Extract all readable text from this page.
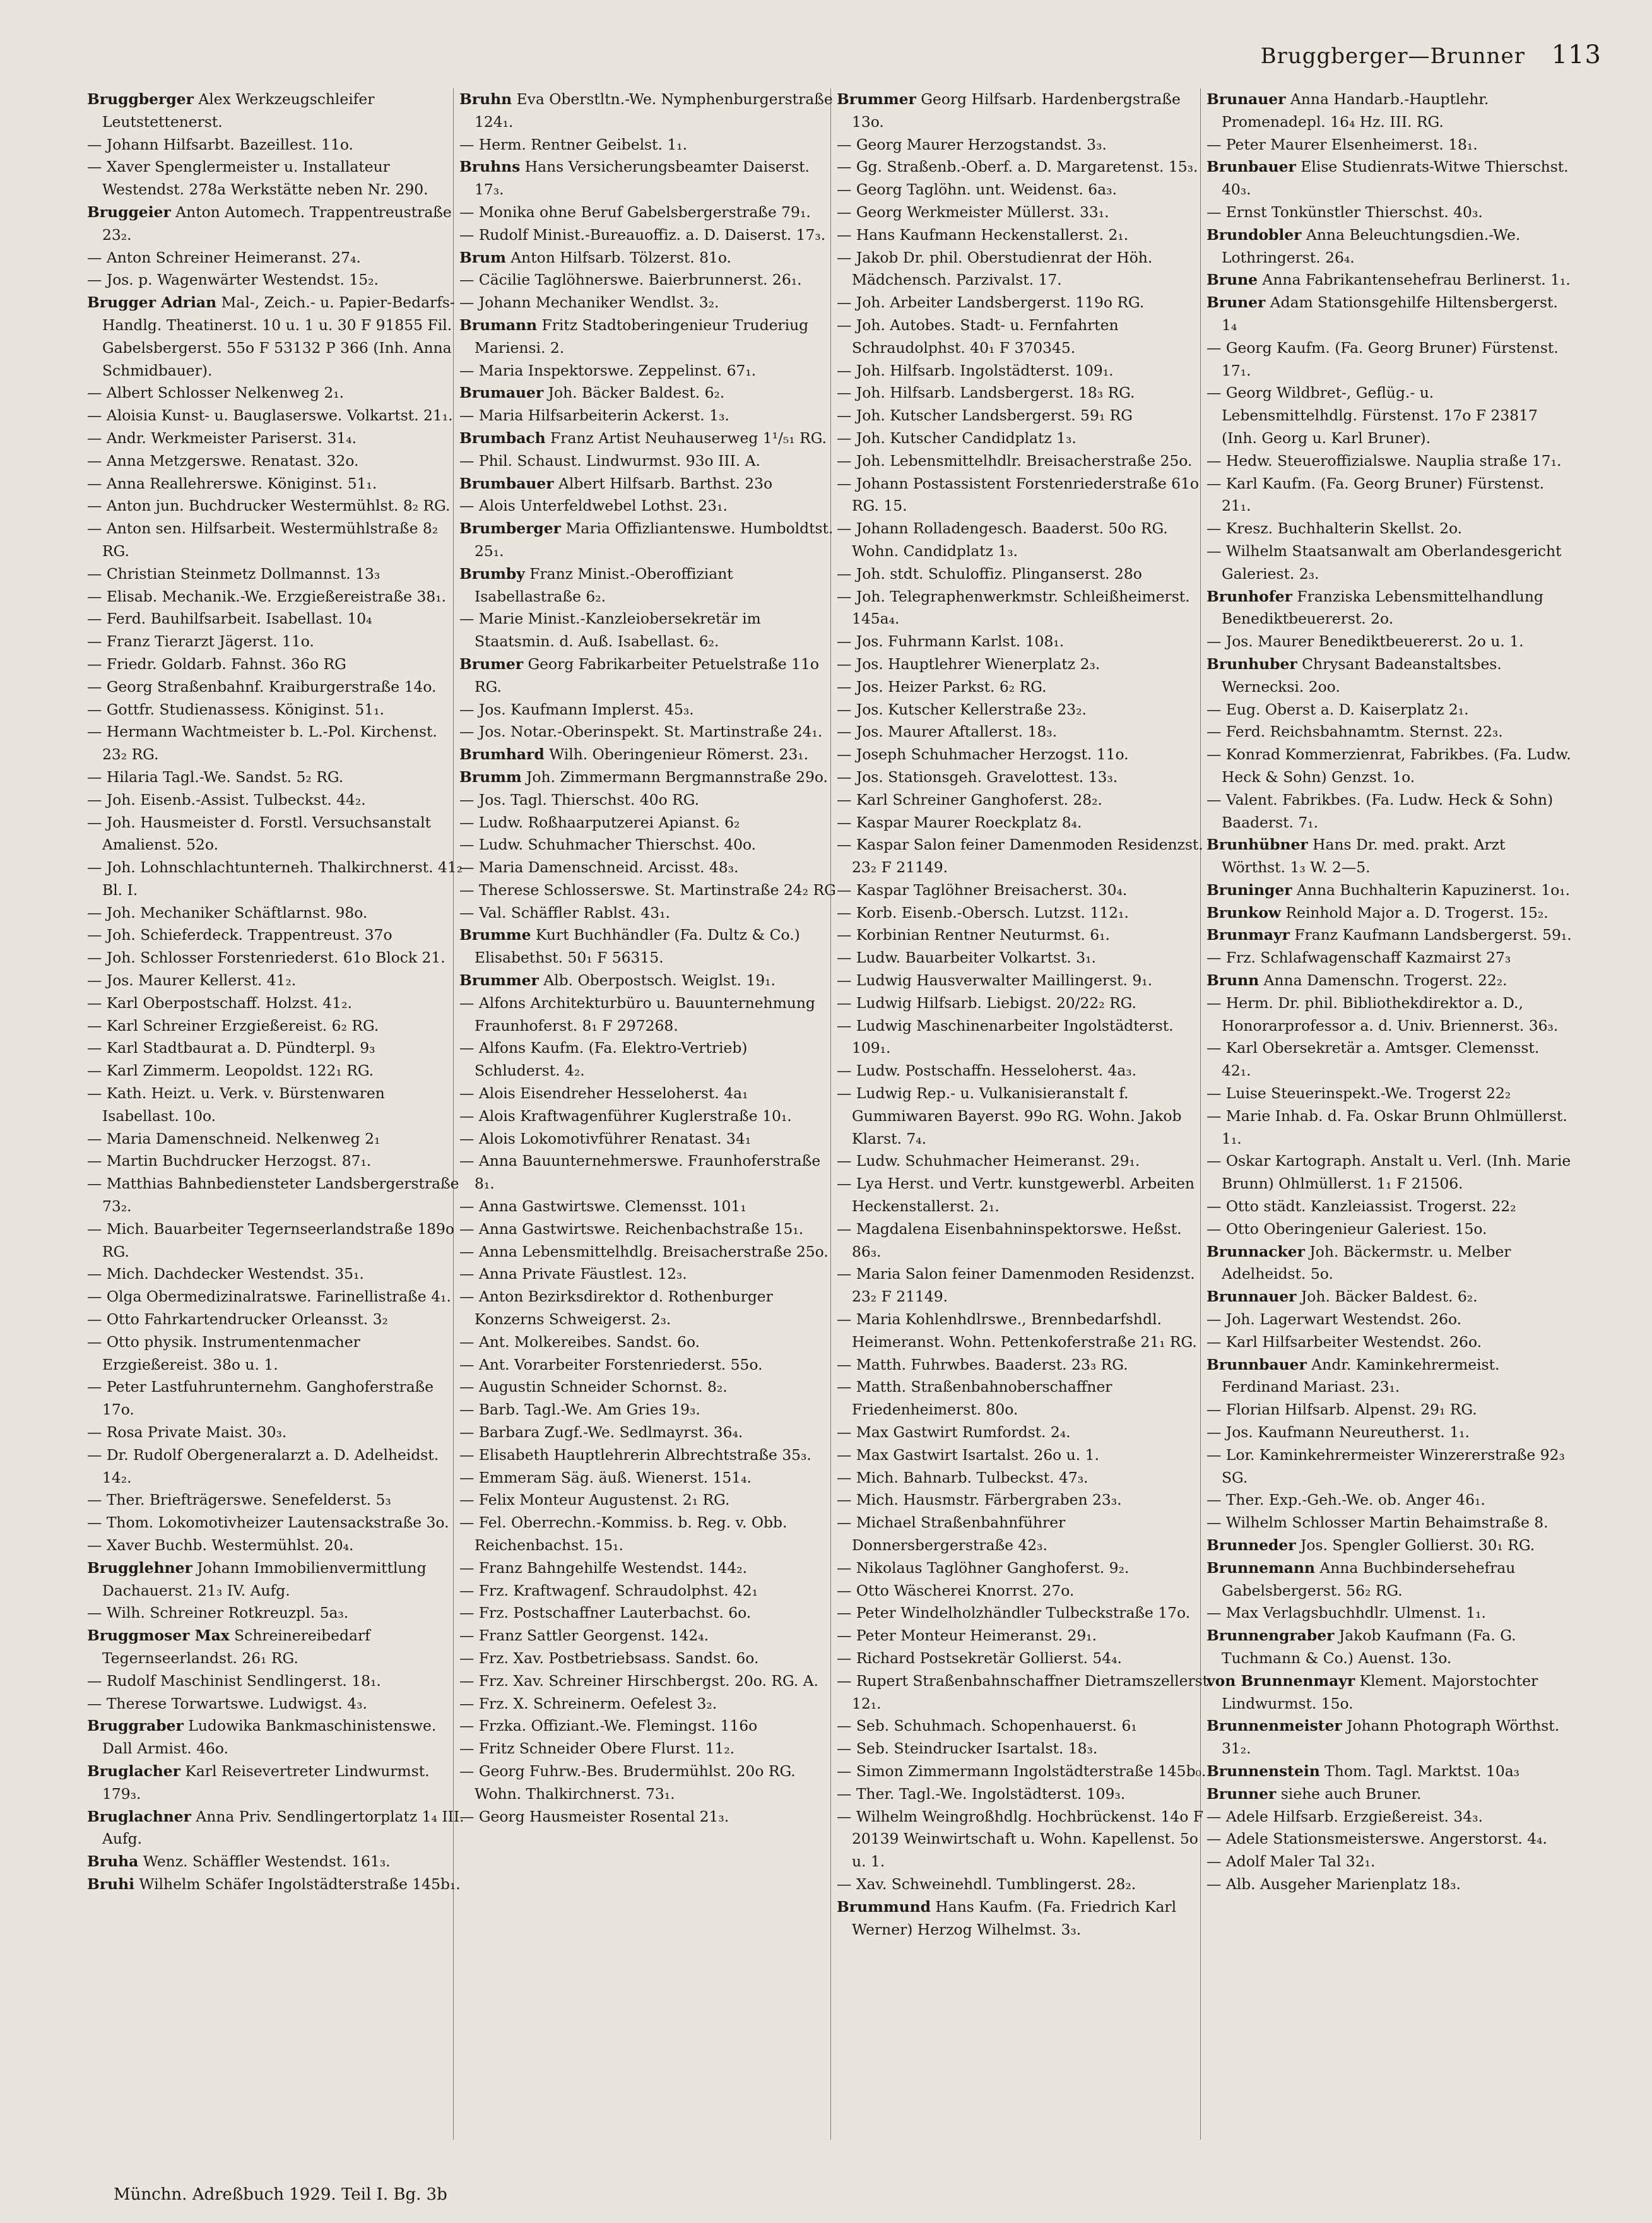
Bruggberger—Brunner 113

Bruggberger Alex Werkzeugschleifer Leutstettenerst.

— Johann Hilfsarbt. Bazeillest. 11o.

— Xaver Spenglermeister u. Installateur Westendst. 278a Werkstätte neben Nr. 290.

Bruggeier Anton Automech. Trappentreustraße 23₂.

— Anton Schreiner Heimeranst. 27₄.

— Jos. p. Wagenwärter Westendst. 15₂.

Brugger Adrian Mal-, Zeich.- u. Papier-Bedarfs-Handlg. Theatinerst. 10 u. 1 u. 30 F 91855 Fil. Gabelsbergerst. 55o F 53132 P 366 (Inh. Anna Schmidbauer).

— Albert Schlosser Nelkenweg 2₁.

— Aloisia Kunst- u. Bauglaserswe. Volkartst. 21₁.

— Andr. Werkmeister Pariserst. 31₄.

— Anna Metzgerswe. Renatast. 32o.

— Anna Reallehrerswe. Königinst. 51₁.

— Anton jun. Buchdrucker Westermühlst. 8₂ RG.

— Anton sen. Hilfsarbeit. Westermühlstraße 8₂ RG.

— Christian Steinmetz Dollmannst. 13₃

— Elisab. Mechanik.-We. Erzgießereistraße 38₁.

— Ferd. Bauhilfsarbeit. Isabellast. 10₄

— Franz Tierarzt Jägerst. 11o.

— Friedr. Goldarb. Fahnst. 36o RG

— Georg Straßenbahnf. Kraiburgerstraße 14o.

— Gottfr. Studienassess. Königinst. 51₁.

— Hermann Wachtmeister b. L.-Pol. Kirchenst. 23₂ RG.

— Hilaria Tagl.-We. Sandst. 5₂ RG.

— Joh. Eisenb.-Assist. Tulbeckst. 44₂.

— Joh. Hausmeister d. Forstl. Versuchsanstalt Amalienst. 52o.

— Joh. Lohnschlachtunterneh. Thalkirchnerst. 41₂ Bl. I.

— Joh. Mechaniker Schäftlarnst. 98o.

— Joh. Schieferdeck. Trappentreust. 37o

— Joh. Schlosser Forstenriederst. 61o Block 21.

— Jos. Maurer Kellerst. 41₂.

— Karl Oberpostschaff. Holzst. 41₂.

— Karl Schreiner Erzgießereist. 6₂ RG.

— Karl Stadtbaurat a. D. Pündterpl. 9₃

— Karl Zimmerm. Leopoldst. 122₁ RG.

— Kath. Heizt. u. Verk. v. Bürstenwaren Isabellast. 10o.

— Maria Damenschneid. Nelkenweg 2₁

— Martin Buchdrucker Herzogst. 87₁.

— Matthias Bahnbediensteter Landsbergerstraße 73₂.

— Mich. Bauarbeiter Tegernseerlandstraße 189o RG.

— Mich. Dachdecker Westendst. 35₁.

— Olga Obermedizinalratswe. Farinellistraße 4₁.

— Otto Fahrkartendrucker Orleansst. 3₂

— Otto physik. Instrumentenmacher Erzgießereist. 38o u. 1.

— Peter Lastfuhrunternehm. Ganghoferstraße 17o.

— Rosa Private Maist. 30₃.

— Dr. Rudolf Obergeneralarzt a. D. Adelheidst. 14₂.

— Ther. Briefträgerswe. Senefelderst. 5₃

— Thom. Lokomotivheizer Lautensackstraße 3o.

— Xaver Buchb. Westermühlst. 20₄.

Brugglehner Johann Immobilienvermittlung Dachauerst. 21₃ IV. Aufg.

— Wilh. Schreiner Rotkreuzpl. 5a₃.

Bruggmoser Max Schreinereibedarf Tegernseerlandst. 26₁ RG.

— Rudolf Maschinist Sendlingerst. 18₁.

— Therese Torwartswe. Ludwigst. 4₃.

Bruggraber Ludowika Bankmaschinistenswe. Dall Armist. 46o.

Bruglacher Karl Reisevertreter Lindwurmst. 179₃.

Bruglachner Anna Priv. Sendlingertorplatz 1₄ III. Aufg.

Bruha Wenz. Schäffler Westendst. 161₃.

Bruhi Wilhelm Schäfer Ingolstädterstraße 145b₁.

Bruhn Eva Oberstltn.-We. Nymphenburgerstraße 124₁.

— Herm. Rentner Geibelst. 1₁.

Bruhns Hans Versicherungsbeamter Daiserst. 17₃.

— Monika ohne Beruf Gabelsbergerstraße 79₁.

— Rudolf Minist.-Bureauoffiz. a. D. Daiserst. 17₃.

Brum Anton Hilfsarb. Tölzerst. 81o.

— Cäcilie Taglöhnerswe. Baierbrunnerst. 26₁.

— Johann Mechaniker Wendlst. 3₂.

Brumann Fritz Stadtoberingenieur Truderiug Mariensi. 2.

— Maria Inspektorswe. Zeppelinst. 67₁.

Brumauer Joh. Bäcker Baldest. 6₂.

— Maria Hilfsarbeiterin Ackerst. 1₃.

Brumbach Franz Artist Neuhauserweg 1¹/₅₁ RG.

— Phil. Schaust. Lindwurmst. 93o III. A.

Brumbauer Albert Hilfsarb. Barthst. 23o

— Alois Unterfeldwebel Lothst. 23₁.

Brumberger Maria Offizliantenswe. Humboldtst. 25₁.

Brumby Franz Minist.-Oberoffiziant Isabellastraße 6₂.

— Marie Minist.-Kanzleiobersekretär im Staatsmin. d. Auß. Isabellast. 6₂.

Brumer Georg Fabrikarbeiter Petuelstraße 11o RG.

— Jos. Kaufmann Implerst. 45₃.

— Jos. Notar.-Oberinspekt. St. Martinstraße 24₁.

Brumhard Wilh. Oberingenieur Römerst. 23₁.

Brumm Joh. Zimmermann Bergmannstraße 29o.

— Jos. Tagl. Thierschst. 40o RG.

— Ludw. Roßhaarputzerei Apianst. 6₂

— Ludw. Schuhmacher Thierschst. 40o.

— Maria Damenschneid. Arcisst. 48₃.

— Therese Schlosserswe. St. Martinstraße 24₂ RG

— Val. Schäffler Rablst. 43₁.

Brumme Kurt Buchhändler (Fa. Dultz & Co.) Elisabethst. 50₁ F 56315.

Brummer Alb. Oberpostsch. Weiglst. 19₁.

— Alfons Architekturbüro u. Bauunternehmung Fraunhoferst. 8₁ F 297268.

— Alfons Kaufm. (Fa. Elektro-Vertrieb) Schluderst. 4₂.

— Alois Eisendreher Hesseloherst. 4a₁

— Alois Kraftwagenführer Kuglerstraße 10₁.

— Alois Lokomotivführer Renatast. 34₁

— Anna Bauunternehmerswe. Fraunhoferstraße 8₁.

— Anna Gastwirtswe. Clemensst. 101₁

— Anna Gastwirtswe. Reichenbachstraße 15₁.

— Anna Lebensmittelhdlg. Breisacherstraße 25o.

— Anna Private Fäustlest. 12₃.

— Anton Bezirksdirektor d. Rothenburger Konzerns Schweigerst. 2₃.

— Ant. Molkereibes. Sandst. 6o.

— Ant. Vorarbeiter Forstenriederst. 55o.

— Augustin Schneider Schornst. 8₂.

— Barb. Tagl.-We. Am Gries 19₃.

— Barbara Zugf.-We. Sedlmayrst. 36₄.

— Elisabeth Hauptlehrerin Albrechtstraße 35₃.

— Emmeram Säg. äuß. Wienerst. 151₄.

— Felix Monteur Augustenst. 2₁ RG.

— Fel. Oberrechn.-Kommiss. b. Reg. v. Obb. Reichenbachst. 15₁.

— Franz Bahngehilfe Westendst. 144₂.

— Frz. Kraftwagenf. Schraudolphst. 42₁

— Frz. Postschaffner Lauterbachst. 6o.

— Franz Sattler Georgenst. 142₄.

— Frz. Xav. Postbetriebsass. Sandst. 6o.

— Frz. Xav. Schreiner Hirschbergst. 20o. RG. A.

— Frz. X. Schreinerm. Oefelest 3₂.

— Frzka. Offiziant.-We. Flemingst. 116o

— Fritz Schneider Obere Flurst. 11₂.

— Georg Fuhrw.-Bes. Brudermühlst. 20o RG. Wohn. Thalkirchnerst. 73₁.

— Georg Hausmeister Rosental 21₃.

Brummer Georg Hilfsarb. Hardenbergstraße 13o.

— Georg Maurer Herzogstandst. 3₃.

— Gg. Straßenb.-Oberf. a. D. Margaretenst. 15₃.

— Georg Taglöhn. unt. Weidenst. 6a₃.

— Georg Werkmeister Müllerst. 33₁.

— Hans Kaufmann Heckenstallerst. 2₁.

— Jakob Dr. phil. Oberstudienrat der Höh. Mädchensch. Parzivalst. 17.

— Joh. Arbeiter Landsbergerst. 119o RG.

— Joh. Autobes. Stadt- u. Fernfahrten Schraudolphst. 40₁ F 370345.

— Joh. Hilfsarb. Ingolstädterst. 109₁.

— Joh. Hilfsarb. Landsbergerst. 18₃ RG.

— Joh. Kutscher Landsbergerst. 59₁ RG

— Joh. Kutscher Candidplatz 1₃.

— Joh. Lebensmittelhdlr. Breisacherstraße 25o.

— Johann Postassistent Forstenriederstraße 61o RG. 15.

— Johann Rolladengesch. Baaderst. 50o RG. Wohn. Candidplatz 1₃.

— Joh. stdt. Schuloffiz. Plinganserst. 28o

— Joh. Telegraphenwerkmstr. Schleißheimerst. 145a₄.

— Jos. Fuhrmann Karlst. 108₁.

— Jos. Hauptlehrer Wienerplatz 2₃.

— Jos. Heizer Parkst. 6₂ RG.

— Jos. Kutscher Kellerstraße 23₂.

— Jos. Maurer Aftallerst. 18₃.

— Joseph Schuhmacher Herzogst. 11o.

— Jos. Stationsgeh. Gravelottest. 13₃.

— Karl Schreiner Ganghoferst. 28₂.

— Kaspar Maurer Roeckplatz 8₄.

— Kaspar Salon feiner Damenmoden Residenzst. 23₂ F 21149.

— Kaspar Taglöhner Breisacherst. 30₄.

— Korb. Eisenb.-Obersch. Lutzst. 112₁.

— Korbinian Rentner Neuturmst. 6₁.

— Ludw. Bauarbeiter Volkartst. 3₁.

— Ludwig Hausverwalter Maillingerst. 9₁.

— Ludwig Hilfsarb. Liebigst. 20/22₂ RG.

— Ludwig Maschinenarbeiter Ingolstädterst. 109₁.

— Ludw. Postschaffn. Hesseloherst. 4a₃.

— Ludwig Rep.- u. Vulkanisieranstalt f. Gummiwaren Bayerst. 99o RG. Wohn. Jakob Klarst. 7₄.

— Ludw. Schuhmacher Heimeranst. 29₁.

— Lya Herst. und Vertr. kunstgewerbl. Arbeiten Heckenstallerst. 2₁.

— Magdalena Eisenbahninspektorswe. Heßst. 86₃.

— Maria Salon feiner Damenmoden Residenzst. 23₂ F 21149.

— Maria Kohlenhdlrswe., Brennbedarfshdl. Heimeranst. Wohn. Pettenkoferstraße 21₁ RG.

— Matth. Fuhrwbes. Baaderst. 23₃ RG.

— Matth. Straßenbahnoberschaffner Friedenheimerst. 80o.

— Max Gastwirt Rumfordst. 2₄.

— Max Gastwirt Isartalst. 26o u. 1.

— Mich. Bahnarb. Tulbeckst. 47₃.

— Mich. Hausmstr. Färbergraben 23₃.

— Michael Straßenbahnführer Donnersbergerstraße 42₃.

— Nikolaus Taglöhner Ganghoferst. 9₂.

— Otto Wäscherei Knorrst. 27o.

— Peter Windelholzhändler Tulbeckstraße 17o.

— Peter Monteur Heimeranst. 29₁.

— Richard Postsekretär Gollierst. 54₄.

— Rupert Straßenbahnschaffner Dietramszellerst. 12₁.

— Seb. Schuhmach. Schopenhauerst. 6₁

— Seb. Steindrucker Isartalst. 18₃.

— Simon Zimmermann Ingolstädterstraße 145b₀.

— Ther. Tagl.-We. Ingolstädterst. 109₃.

— Wilhelm Weingroßhdlg. Hochbrückenst. 14o F 20139 Weinwirtschaft u. Wohn. Kapellenst. 5o u. 1.

— Xav. Schweinehdl. Tumblingerst. 28₂.

Brummund Hans Kaufm. (Fa. Friedrich Karl Werner) Herzog Wilhelmst. 3₃.

Brunauer Anna Handarb.-Hauptlehr. Promenadepl. 16₄ Hz. III. RG.

— Peter Maurer Elsenheimerst. 18₁.

Brunbauer Elise Studienrats-Witwe Thierschst. 40₃.

— Ernst Tonkünstler Thierschst. 40₃.

Brundobler Anna Beleuchtungsdien.-We. Lothringerst. 26₄.

Brune Anna Fabrikantensehefrau Berlinerst. 1₁.

Bruner Adam Stationsgehilfe Hiltensbergerst. 1₄

— Georg Kaufm. (Fa. Georg Bruner) Fürstenst. 17₁.

— Georg Wildbret-, Geflüg.- u. Lebensmittelhdlg. Fürstenst. 17o F 23817 (Inh. Georg u. Karl Bruner).

— Hedw. Steueroffizialswe. Nauplia straße 17₁.

— Karl Kaufm. (Fa. Georg Bruner) Fürstenst. 21₁.

— Kresz. Buchhalterin Skellst. 2o.

— Wilhelm Staatsanwalt am Oberlandesgericht Galeriest. 2₃.

Brunhofer Franziska Lebensmittelhandlung Benediktbeuererst. 2o.

— Jos. Maurer Benediktbeuererst. 2o u. 1.

Brunhuber Chrysant Badeanstaltsbes. Wernecksi. 2oo.

— Eug. Oberst a. D. Kaiserplatz 2₁.

— Ferd. Reichsbahnamtm. Sternst. 22₃.

— Konrad Kommerzienrat, Fabrikbes. (Fa. Ludw. Heck & Sohn) Genzst. 1o.

— Valent. Fabrikbes. (Fa. Ludw. Heck & Sohn) Baaderst. 7₁.

Brunhübner Hans Dr. med. prakt. Arzt Wörthst. 1₃ W. 2—5.

Bruninger Anna Buchhalterin Kapuzinerst. 1o₁.

Brunkow Reinhold Major a. D. Trogerst. 15₂.

Brunmayr Franz Kaufmann Landsbergerst. 59₁.

— Frz. Schlafwagenschaff Kazmairst 27₃

Brunn Anna Damenschn. Trogerst. 22₂.

— Herm. Dr. phil. Bibliothekdirektor a. D., Honorarprofessor a. d. Univ. Briennerst. 36₃.

— Karl Obersekretär a. Amtsger. Clemensst. 42₁.

— Luise Steuerinspekt.-We. Trogerst 22₂

— Marie Inhab. d. Fa. Oskar Brunn Ohlmüllerst. 1₁.

— Oskar Kartograph. Anstalt u. Verl. (Inh. Marie Brunn) Ohlmüllerst. 1₁ F 21506.

— Otto städt. Kanzleiassist. Trogerst. 22₂

— Otto Oberingenieur Galeriest. 15o.

Brunnacker Joh. Bäckermstr. u. Melber Adelheidst. 5o.

Brunnauer Joh. Bäcker Baldest. 6₂.

— Joh. Lagerwart Westendst. 26o.

— Karl Hilfsarbeiter Westendst. 26o.

Brunnbauer Andr. Kaminkehrermeist. Ferdinand Mariast. 23₁.

— Florian Hilfsarb. Alpenst. 29₁ RG.

— Jos. Kaufmann Neureutherst. 1₁.

— Lor. Kaminkehrermeister Winzererstraße 92₃ SG.

— Ther. Exp.-Geh.-We. ob. Anger 46₁.

— Wilhelm Schlosser Martin Behaimstraße 8.

Brunneder Jos. Spengler Gollierst. 30₁ RG.

Brunnemann Anna Buchbindersehefrau Gabelsbergerst. 56₂ RG.

— Max Verlagsbuchhdlr. Ulmenst. 1₁.

Brunnengraber Jakob Kaufmann (Fa. G. Tuchmann & Co.) Auenst. 13o.

von Brunnenmayr Klement. Majorstochter Lindwurmst. 15o.

Brunnenmeister Johann Photograph Wörthst. 31₂.

Brunnenstein Thom. Tagl. Marktst. 10a₃

Brunner siehe auch Bruner.

— Adele Hilfsarb. Erzgießereist. 34₃.

— Adele Stationsmeisterswe. Angerstorst. 4₄.

— Adolf Maler Tal 32₁.

— Alb. Ausgeher Marienplatz 18₃.

Münchn. Adreßbuch 1929. Teil I. Bg. 3b
